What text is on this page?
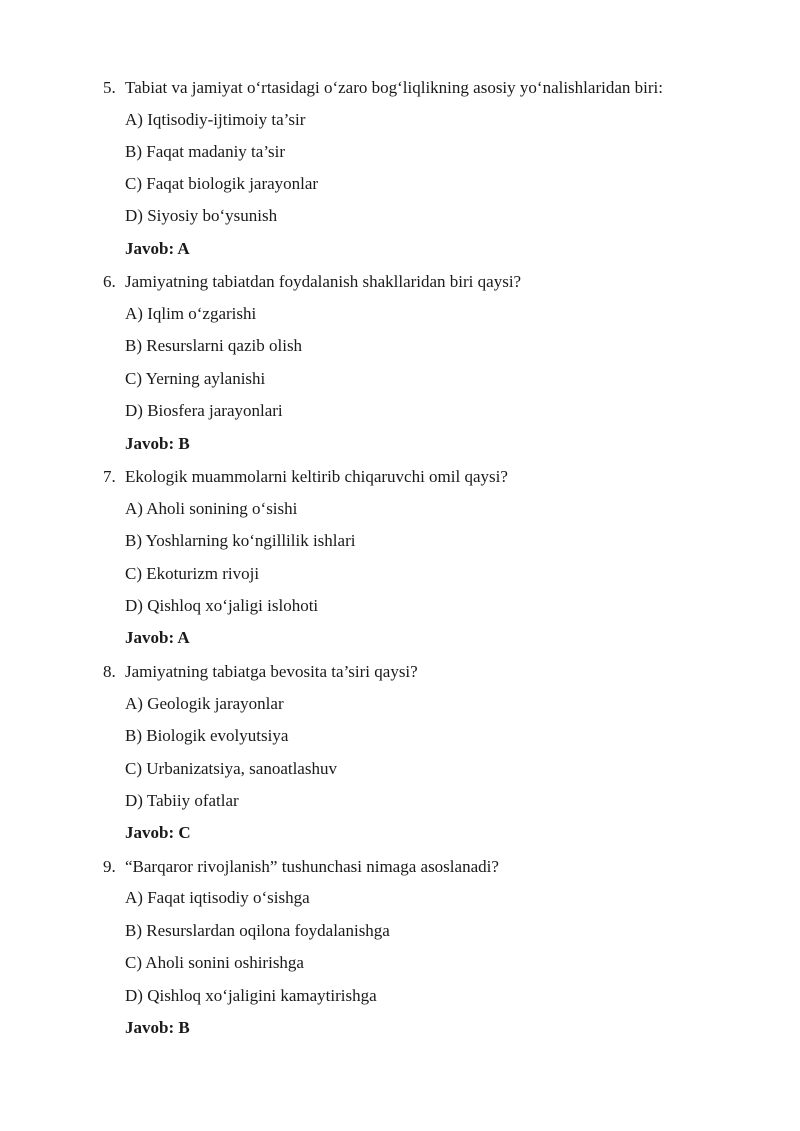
5. Tabiat va jamiyat o‘rtasidagi o‘zaro bog‘liqlikning asosiy yo‘nalishlaridan biri:
A) Iqtisodiy-ijtimoiy ta’sir
B) Faqat madaniy ta’sir
C) Faqat biologik jarayonlar
D) Siyosiy bo‘ysunish
Javob: A
6. Jamiyatning tabiatdan foydalanish shakllaridan biri qaysi?
A) Iqlim o‘zgarishi
B) Resurslarni qazib olish
C) Yerning aylanishi
D) Biosfera jarayonlari
Javob: B
7. Ekologik muammolarni keltirib chiqaruvchi omil qaysi?
A) Aholi sonining o‘sishi
B) Yoshlarning ko‘ngillilik ishlari
C) Ekoturizm rivoji
D) Qishloq xo‘jaligi islohoti
Javob: A
8. Jamiyatning tabiatga bevosita ta’siri qaysi?
A) Geologik jarayonlar
B) Biologik evolyutsiya
C) Urbanizatsiya, sanoatlashuv
D) Tabiiy ofatlar
Javob: C
9. “Barqaror rivojlanish” tushunchasi nimaga asoslanadi?
A) Faqat iqtisodiy o‘sishga
B) Resurslardan oqilona foydalanishga
C) Aholi sonini oshirishga
D) Qishloq xo‘jaligini kamaytirishga
Javob: B
